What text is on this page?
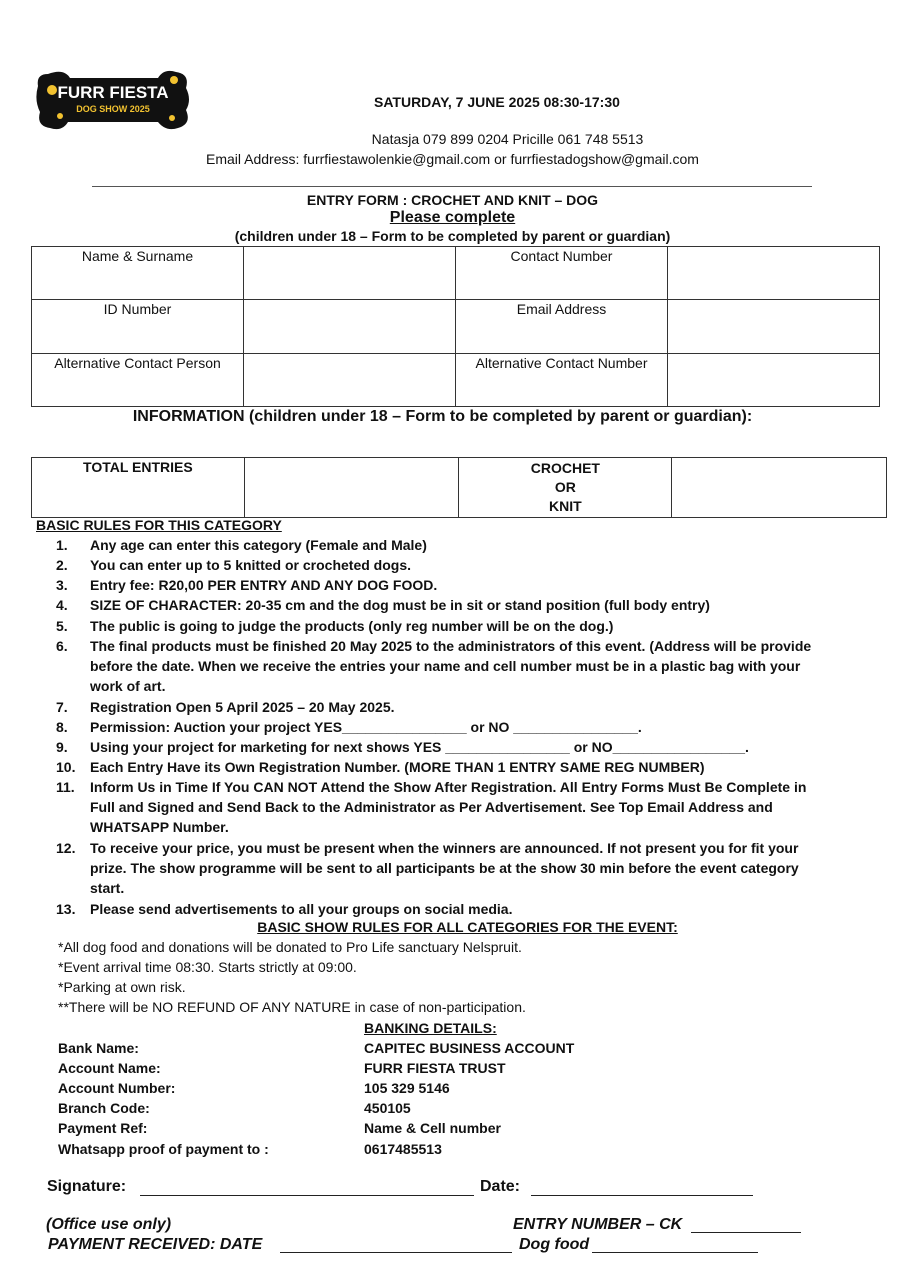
FURR FIESTA
DOG SHOW 2025	SATURDAY, 7 JUNE 2025 08:30-17:30
Natasja 079 899 0204 Pricille 061 748 5513
Email Address: furrfiestawolenkie@gmail.com or furrfiestadogshow@gmail.com
ENTRY FORM : CROCHET AND KNIT – DOG
Please complete
(children under 18 – Form to be completed by parent or guardian)
Name & Surname		Contact Number	
ID Number		Email Address	
Alternative Contact Person		Alternative Contact Number	
INFORMATION (children under 18 – Form to be completed by parent or guardian):
TOTAL ENTRIES		CROCHET
OR
KNIT

BASIC RULES FOR THIS CATEGORY
1.	Any age can enter this category (Female and Male)
2.	You can enter up to 5 knitted or crocheted dogs.
3.	Entry fee: R20,00 PER ENTRY AND ANY DOG FOOD.
4.	SIZE OF CHARACTER: 20-35 cm and the dog must be in sit or stand position (full body entry)
5.	The public is going to judge the products (only reg number will be on the dog.)
6.	The final products must be finished 20 May 2025 to the administrators of this event. (Address will be provide before the date. When we receive the entries your name and cell number must be in a plastic bag with your work of art.
7.	Registration Open 5 April 2025 – 20 May 2025.
8.	Permission: Auction your project YES________________ or NO ________________.
9.	Using your project for marketing for next shows YES ________________ or NO_________________.
10.	Each Entry Have its Own Registration Number. (MORE THAN 1 ENTRY SAME REG NUMBER)
11.	Inform Us in Time If You CAN NOT Attend the Show After Registration. All Entry Forms Must Be Complete in Full and Signed and Send Back to the Administrator as Per Advertisement. See Top Email Address and WHATSAPP Number.
12.	To receive your price, you must be present when the winners are announced. If not present you for fit your prize. The show programme will be sent to all participants be at the show 30 min before the event category start.
13.	Please send advertisements to all your groups on social media.
BASIC SHOW RULES FOR ALL CATEGORIES FOR THE EVENT:
*All dog food and donations will be donated to Pro Life sanctuary Nelspruit.
*Event arrival time 08:30. Starts strictly at 09:00.
*Parking at own risk.
**There will be NO REFUND OF ANY NATURE in case of non-participation.
BANKING DETAILS:
Bank Name:	CAPITEC BUSINESS ACCOUNT
Account Name:	FURR FIESTA TRUST
Account Number:	105 329 5146
Branch Code:	450105
Payment Ref:	Name & Cell number
Whatsapp proof of payment to :	0617485513
Signature:	Date:
(Office use only)	ENTRY NUMBER – CK
PAYMENT RECEIVED: DATE	Dog food
